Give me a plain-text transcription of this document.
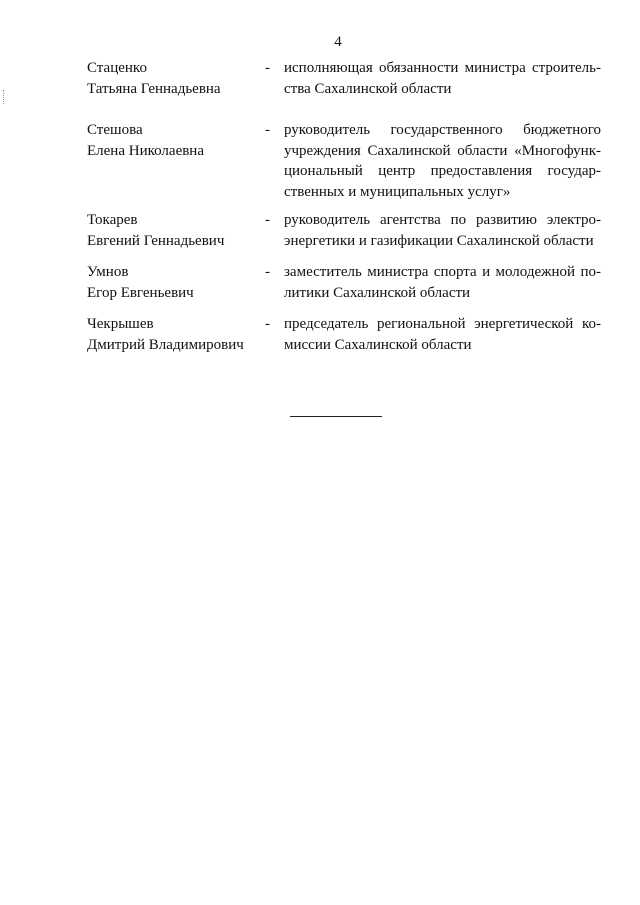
4
Стаценко
Татьяна Геннадьевна
- исполняющая обязанности министра строитель-
ства Сахалинской области
Стешова
Елена Николаевна
- руководитель государственного бюджетного
учреждения Сахалинской области «Многофунк-
циональный центр предоставления государ-
ственных и муниципальных услуг»
Токарев
Евгений Геннадьевич
- руководитель агентства по развитию электро-
энергетики и газификации Сахалинской области
Умнов
Егор Евгеньевич
- заместитель министра спорта и молодежной по-
литики Сахалинской области
Чекрышев
Дмитрий Владимирович
- председатель региональной энергетической ко-
миссии Сахалинской области
